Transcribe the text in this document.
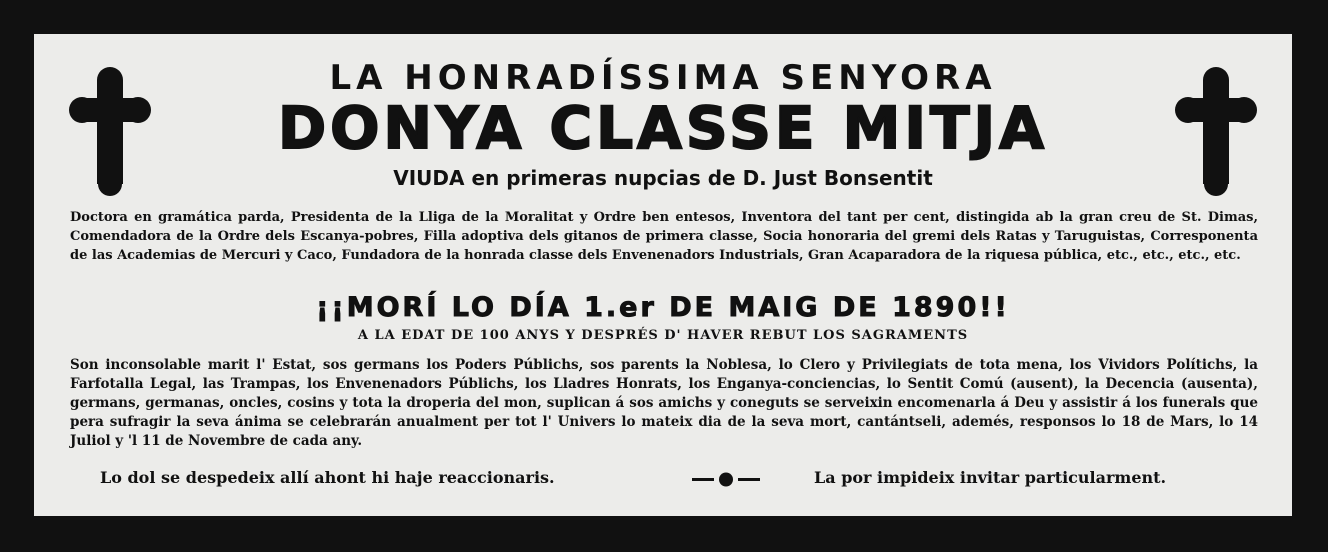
LA HONRADÍSSIMA SENYORA
DONYA CLASSE MITJA
VIUDA en primeras nupcias de D. Just Bonsentit

Doctora en gramática parda, Presidenta de la Lliga de la Moralitat y Ordre ben entesos, Inventora del tant per cent, distingida ab la gran creu de St. Dimas, Comendadora de la Ordre dels Escanya-pobres, Filla adoptiva dels gitanos de primera classe, Socia honoraria del gremi dels Ratas y Taruguistas, Corresponenta de las Academias de Mercuri y Caco, Fundadora de la honrada classe dels Envenenadors Industrials, Gran Acaparadora de la riquesa pública, etc., etc., etc., etc.

¡¡MORÍ LO DÍA 1.er DE MAIG DE 1890!!
A LA EDAT DE 100 ANYS Y DESPRÉS D' HAVER REBUT LOS SAGRAMENTS

Son inconsolable marit l' Estat, sos germans los Poders Públichs, sos parents la Noblesa, lo Clero y Privilegiats de tota mena, los Vividors Polítichs, la Farfotalla Legal, las Trampas, los Envenenadors Públichs, los Lladres Honrats, los Enganya-conciencias, lo Sentit Comú (ausent), la Decencia (ausenta), germans, germanas, oncles, cosins y tota la droperia del mon, suplican á sos amichs y coneguts se serveixin encomenarla á Deu y assistir á los funerals que pera sufragir la seva ánima se celebrarán anualment per tot l' Univers lo mateix dia de la seva mort, cantántseli, ademés, responsos lo 18 de Mars, lo 14 Juliol y 'l 11 de Novembre de cada any.

Lo dol se despedeix allí ahont hi haje reaccionaris.	La por impideix invitar particularment.
